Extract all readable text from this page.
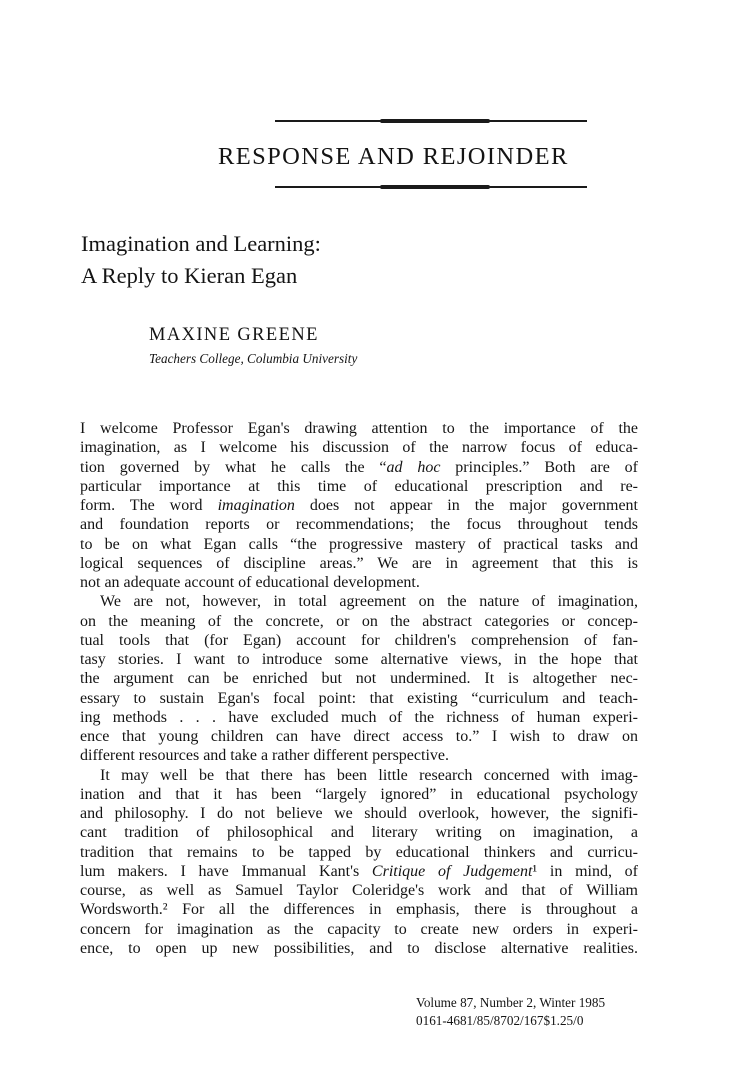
RESPONSE AND REJOINDER
Imagination and Learning:
A Reply to Kieran Egan
MAXINE GREENE
Teachers College, Columbia University
I welcome Professor Egan's drawing attention to the importance of the
imagination, as I welcome his discussion of the narrow focus of educa-
tion governed by what he calls the “ad hoc principles.” Both are of
particular importance at this time of educational prescription and re-
form. The word imagination does not appear in the major government
and foundation reports or recommendations; the focus throughout tends
to be on what Egan calls “the progressive mastery of practical tasks and
logical sequences of discipline areas.” We are in agreement that this is
not an adequate account of educational development.
We are not, however, in total agreement on the nature of imagination,
on the meaning of the concrete, or on the abstract categories or concep-
tual tools that (for Egan) account for children's comprehension of fan-
tasy stories. I want to introduce some alternative views, in the hope that
the argument can be enriched but not undermined. It is altogether nec-
essary to sustain Egan's focal point: that existing “curriculum and teach-
ing methods . . . have excluded much of the richness of human experi-
ence that young children can have direct access to.” I wish to draw on
different resources and take a rather different perspective.
It may well be that there has been little research concerned with imag-
ination and that it has been “largely ignored” in educational psychology
and philosophy. I do not believe we should overlook, however, the signifi-
cant tradition of philosophical and literary writing on imagination, a
tradition that remains to be tapped by educational thinkers and curricu-
lum makers. I have Immanual Kant's Critique of Judgement¹ in mind, of
course, as well as Samuel Taylor Coleridge's work and that of William
Wordsworth.² For all the differences in emphasis, there is throughout a
concern for imagination as the capacity to create new orders in experi-
ence, to open up new possibilities, and to disclose alternative realities.
Volume 87, Number 2, Winter 1985
0161-4681/85/8702/167$1.25/0
